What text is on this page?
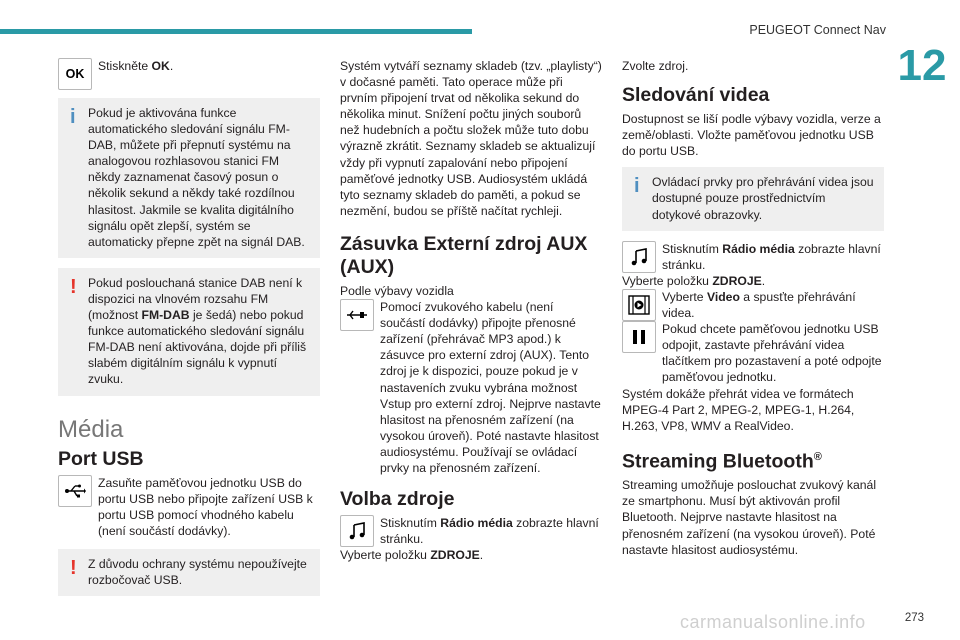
PEUGEOT Connect Nav
12
OK

Stiskněte OK.

i	Pokud je aktivována funkce automatického sledování signálu FM-DAB, můžete při přepnutí systému na analogovou rozhlasovou stanici FM někdy zaznamenat časový posun o několik sekund a někdy také rozdílnou hlasitost. Jakmile se kvalita digitálního signálu opět zlepší, systém se automaticky přepne zpět na signál DAB.

! Pokud poslouchaná stanice DAB není k dispozici na vlnovém rozsahu FM (možnost FM-DAB je šedá) nebo pokud funkce automatického sledování signálu FM-DAB není aktivována, dojde při příliš slabém digitálním signálu k vypnutí zvuku.

Média
Port USB

Zasuňte paměťovou jednotku USB do portu USB nebo připojte zařízení USB k portu USB pomocí vhodného kabelu (není součástí dodávky).

! Z důvodu ochrany systému nepoužívejte rozbočovač USB.

Systém vytváří seznamy skladeb (tzv. „playlisty“) v dočasné paměti. Tato operace může při prvním připojení trvat od několika sekund do několika minut. Snížení počtu jiných souborů než hudebních a počtu složek může tuto dobu výrazně zkrátit. Seznamy skladeb se aktualizují vždy při vypnutí zapalování nebo připojení paměťové jednotky USB. Audiosystém ukládá tyto seznamy skladeb do paměti, a pokud se nezmění, budou se příště načítat rychleji.

Zásuvka Externí zdroj AUX (AUX)

Podle výbavy vozidla

Pomocí zvukového kabelu (není součástí dodávky) připojte přenosné zařízení (přehrávač MP3 apod.) k zásuvce pro externí zdroj (AUX). Tento zdroj je k dispozici, pouze pokud je v nastaveních zvuku vybrána možnost Vstup pro externí zdroj. Nejprve nastavte hlasitost na přenosném zařízení (na vysokou úroveň). Poté nastavte hlasitost audiosystému. Používají se ovládací prvky na přenosném zařízení.

Volba zdroje

Stisknutím Rádio média zobrazte hlavní stránku.

Vyberte položku ZDROJE.

Zvolte zdroj.

Sledování videa

Dostupnost se liší podle výbavy vozidla, verze a země/oblasti. Vložte paměťovou jednotku USB do portu USB.

i	Ovládací prvky pro přehrávání videa jsou dostupné pouze prostřednictvím dotykové obrazovky.

Stisknutím Rádio média zobrazte hlavní stránku.

Vyberte položku ZDROJE.

Vyberte Video a spusťte přehrávání videa.

Pokud chcete paměťovou jednotku USB odpojit, zastavte přehrávání videa tlačítkem pro pozastavení a poté odpojte paměťovou jednotku.

Systém dokáže přehrát videa ve formátech MPEG-4 Part 2, MPEG-2, MPEG-1, H.264, H.263, VP8, WMV a RealVideo.

Streaming Bluetooth®

Streaming umožňuje poslouchat zvukový kanál ze smartphonu. Musí být aktivován profil Bluetooth. Nejprve nastavte hlasitost na přenosném zařízení (na vysokou úroveň). Poté nastavte hlasitost audiosystému.

carmanualsonline.info	273
